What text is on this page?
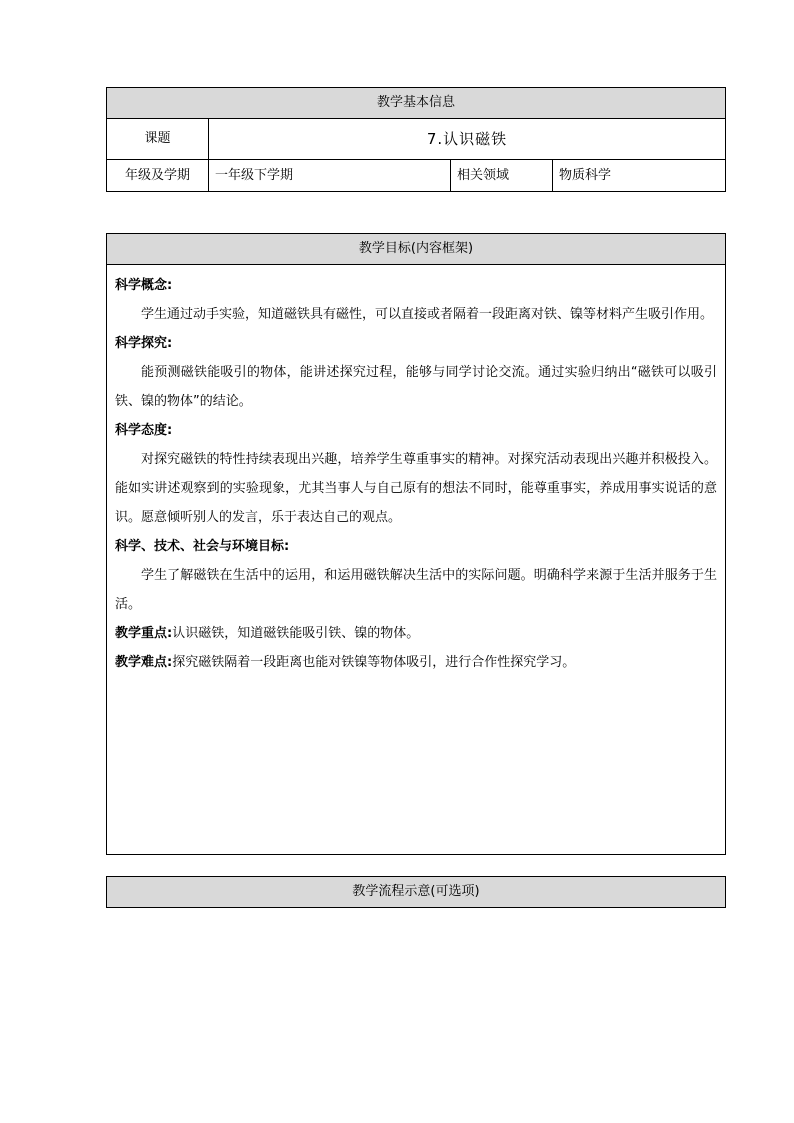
教学基本信息
课题	7.认识磁铁
年级及学期	一年级下学期	相关领域	物质科学
教学目标(内容框架)
科学概念:

学生通过动手实验，知道磁铁具有磁性，可以直接或者隔着一段距离对铁、镍等材料产生吸引作用。

科学探究:

能预测磁铁能吸引的物体，能讲述探究过程，能够与同学讨论交流。通过实验归纳出“磁铁可以吸引铁、镍的物体”的结论。

科学态度:

对探究磁铁的特性持续表现出兴趣，培养学生尊重事实的精神。对探究活动表现出兴趣并积极投入。能如实讲述观察到的实验现象，尤其当事人与自己原有的想法不同时，能尊重事实，养成用事实说话的意识。愿意倾听别人的发言，乐于表达自己的观点。

科学、技术、社会与环境目标:

学生了解磁铁在生活中的运用，和运用磁铁解决生活中的实际问题。明确科学来源于生活并服务于生活。

教学重点:认识磁铁，知道磁铁能吸引铁、镍的物体。

教学难点:探究磁铁隔着一段距离也能对铁镍等物体吸引，进行合作性探究学习。

教学流程示意(可选项)
